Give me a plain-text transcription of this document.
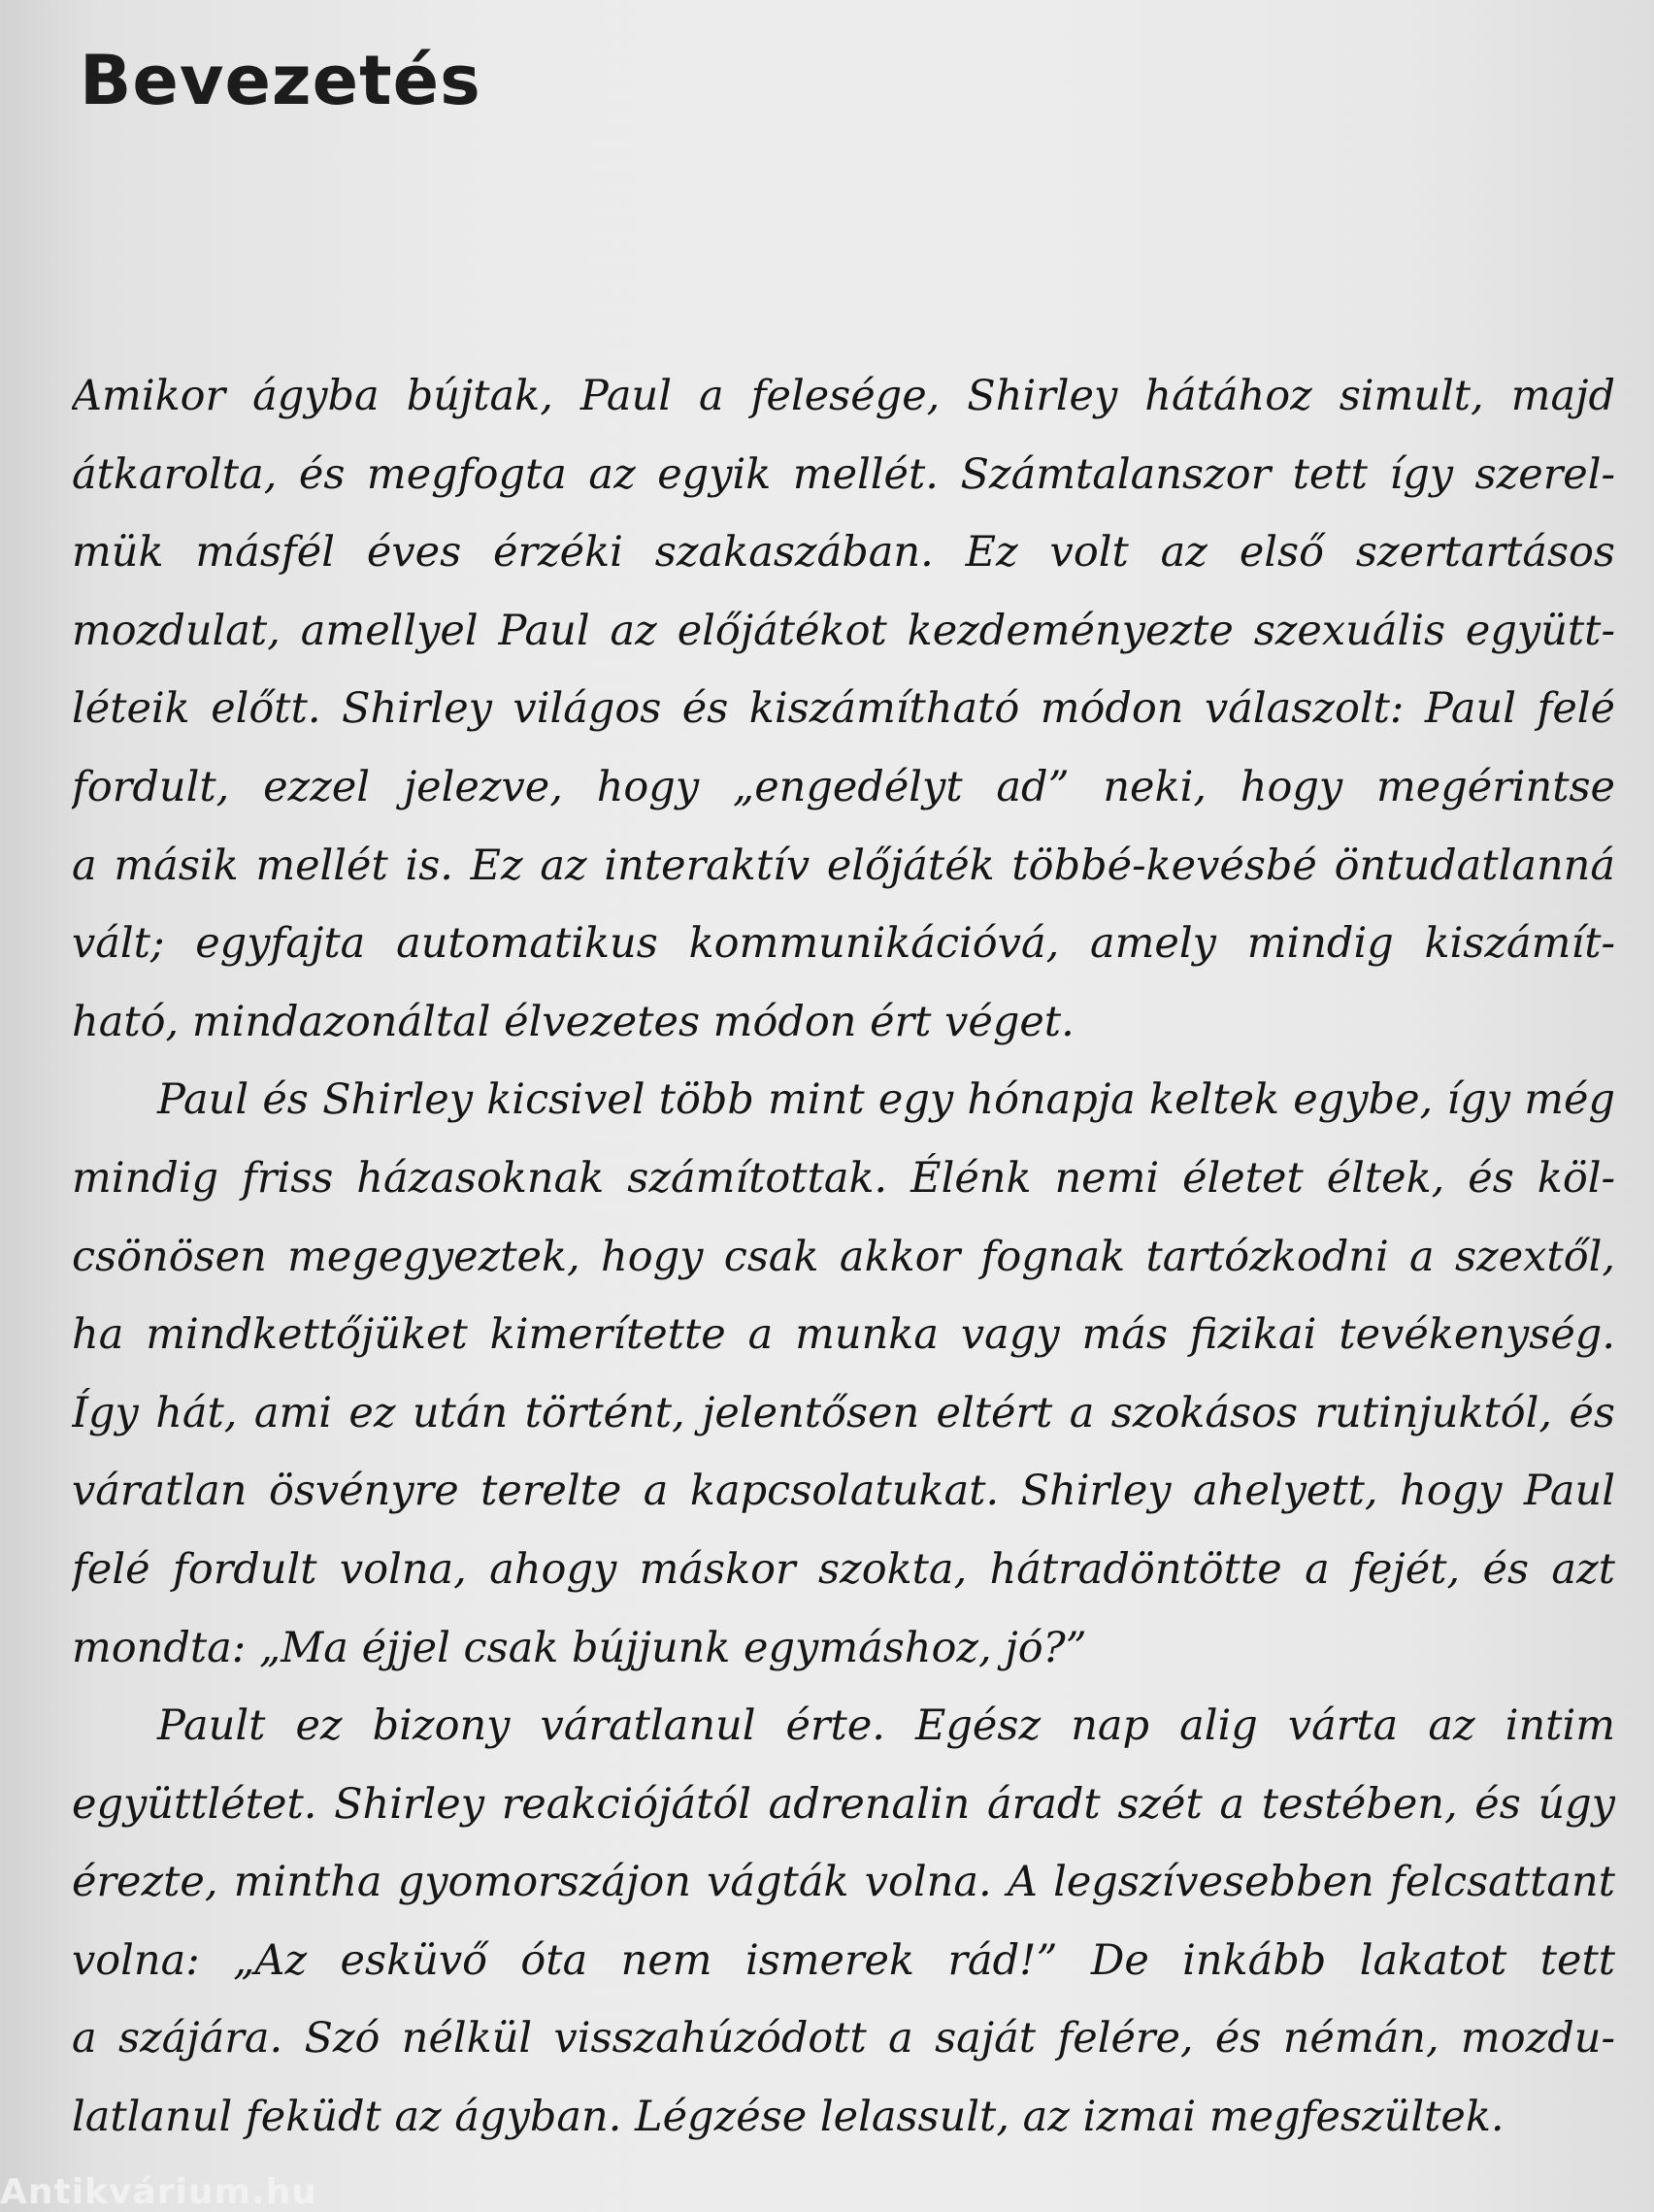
Bevezetés
Amikor ágyba bújtak, Paul a felesége, Shirley hátához simult, majd
átkarolta, és megfogta az egyik mellét. Számtalanszor tett így szerel-
mük másfél éves érzéki szakaszában. Ez volt az első szertartásos
mozdulat, amellyel Paul az előjátékot kezdeményezte szexuális együtt-
léteik előtt. Shirley világos és kiszámítható módon válaszolt: Paul felé
fordult, ezzel jelezve, hogy „engedélyt ad” neki, hogy megérintse
a másik mellét is. Ez az interaktív előjáték többé-kevésbé öntudatlanná
vált; egyfajta automatikus kommunikációvá, amely mindig kiszámít-
ható, mindazonáltal élvezetes módon ért véget.
Paul és Shirley kicsivel több mint egy hónapja keltek egybe, így még
mindig friss házasoknak számítottak. Élénk nemi életet éltek, és köl-
csönösen megegyeztek, hogy csak akkor fognak tartózkodni a szextől,
ha mindkettőjüket kimerítette a munka vagy más fizikai tevékenység.
Így hát, ami ez után történt, jelentősen eltért a szokásos rutinjuktól, és
váratlan ösvényre terelte a kapcsolatukat. Shirley ahelyett, hogy Paul
felé fordult volna, ahogy máskor szokta, hátradöntötte a fejét, és azt
mondta: „Ma éjjel csak bújjunk egymáshoz, jó?”
Pault ez bizony váratlanul érte. Egész nap alig várta az intim
együttlétet. Shirley reakciójától adrenalin áradt szét a testében, és úgy
érezte, mintha gyomorszájon vágták volna. A legszívesebben felcsattant
volna: „Az esküvő óta nem ismerek rád!” De inkább lakatot tett
a szájára. Szó nélkül visszahúzódott a saját felére, és némán, mozdu-
latlanul feküdt az ágyban. Légzése lelassult, az izmai megfeszültek.
Antikvárium.hu
